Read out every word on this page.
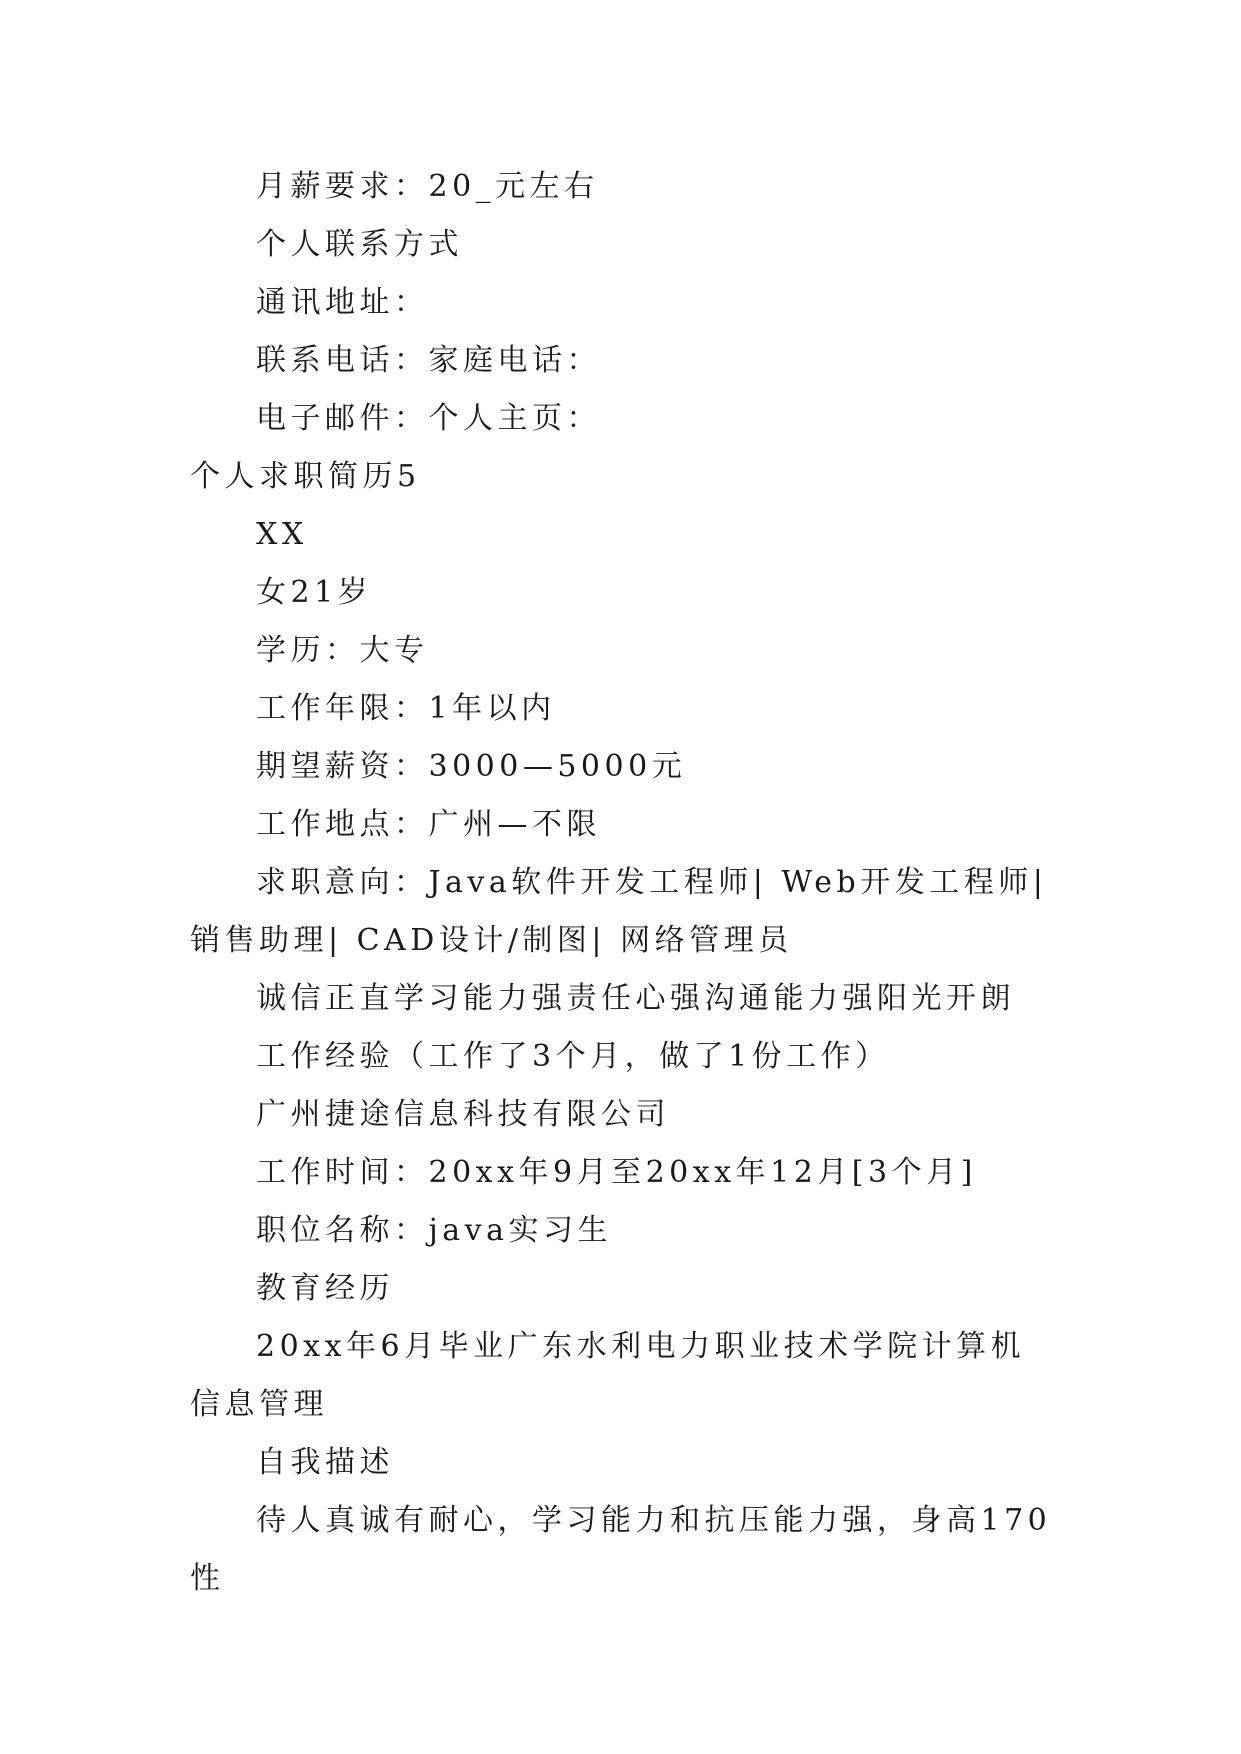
月薪要求：20_元左右

个人联系方式

通讯地址：

联系电话：家庭电话：

电子邮件：个人主页：

个人求职简历5

XX

女21岁

学历：大专

工作年限：1年以内

期望薪资：3000—5000元

工作地点：广州—不限

求职意向：Java软件开发工程师| Web开发工程师|销售助理| CAD设计/制图| 网络管理员

诚信正直学习能力强责任心强沟通能力强阳光开朗

工作经验（工作了3个月，做了1份工作）

广州捷途信息科技有限公司

工作时间：20xx年9月至20xx年12月[3个月]

职位名称：java实习生

教育经历

20xx年6月毕业广东水利电力职业技术学院计算机信息管理

自我描述

待人真诚有耐心，学习能力和抗压能力强，身高170性
